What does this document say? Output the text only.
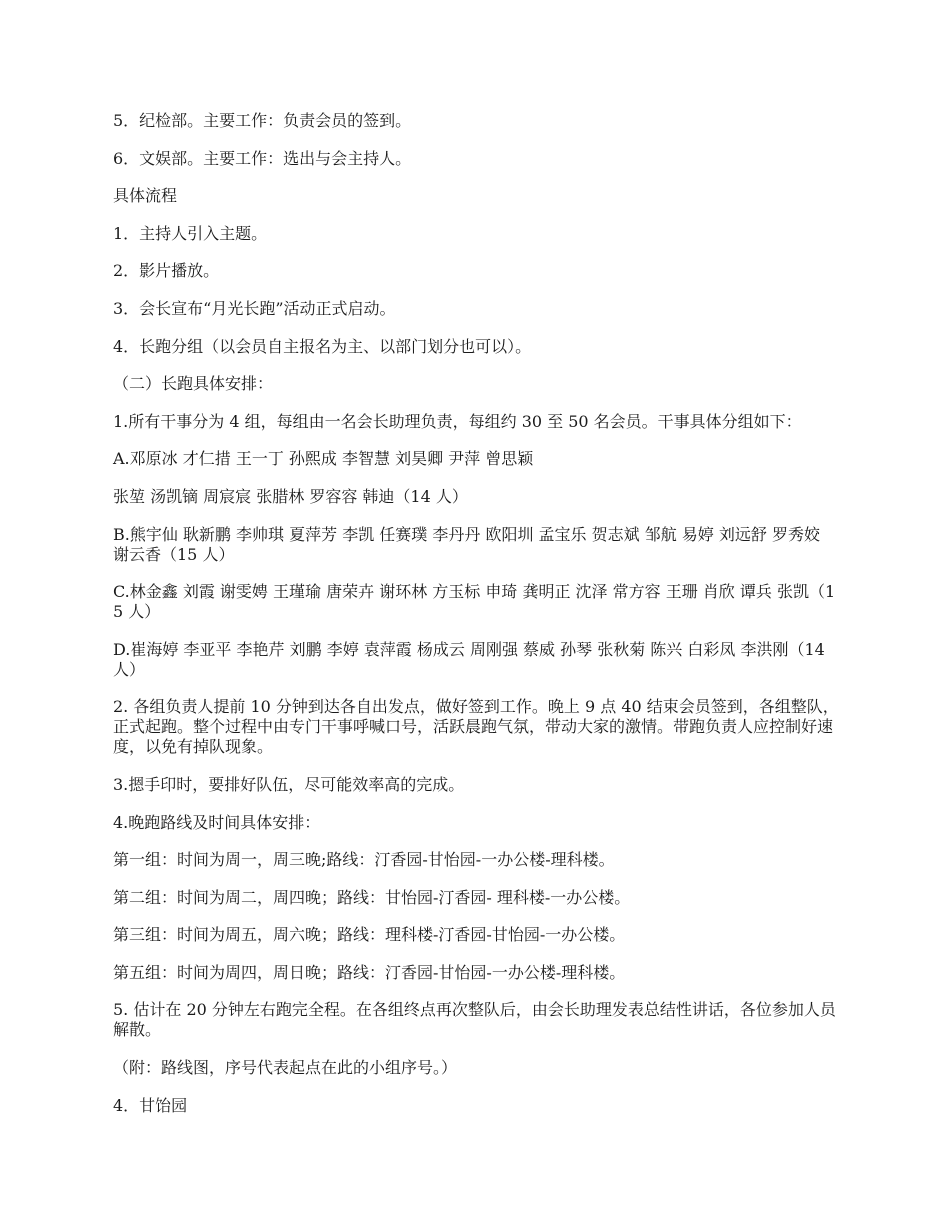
5．纪检部。主要工作：负责会员的签到。

6．文娱部。主要工作：选出与会主持人。

具体流程

1．主持人引入主题。

2．影片播放。

3．会长宣布“月光长跑”活动正式启动。

4．长跑分组（以会员自主报名为主、以部门划分也可以）。

（二）长跑具体安排：

1.所有干事分为 4 组，每组由一名会长助理负责，每组约 30 至 50 名会员。干事具体分组如下：

A.邓原冰 才仁措 王一丁 孙熙成 李智慧 刘昊卿 尹萍 曾思颖

张堃 汤凯镝 周宸宸 张腊林 罗容容 韩迪（14 人）

B.熊宇仙 耿新鹏 李帅琪 夏萍芳 李凯 任赛璞 李丹丹 欧阳圳 孟宝乐 贺志斌 邹航 易婷 刘远舒 罗秀姣 谢云香（15 人）

C.林金鑫 刘霞 谢雯娉 王瑾瑜 唐荣卉 谢环林 方玉标 申琦 龚明正 沈泽 常方容 王珊 肖欣 谭兵 张凯（15 人）

D.崔海婷 李亚平 李艳芹 刘鹏 李婷 袁萍霞 杨成云 周刚强 蔡威 孙琴 张秋菊 陈兴 白彩凤 李洪刚（14 人）

2. 各组负责人提前 10 分钟到达各自出发点，做好签到工作。晚上 9 点 40 结束会员签到，各组整队，正式起跑。整个过程中由专门干事呼喊口号，活跃晨跑气氛，带动大家的激情。带跑负责人应控制好速度，以免有掉队现象。

3.摁手印时，要排好队伍，尽可能效率高的完成。

4.晚跑路线及时间具体安排：

第一组：时间为周一，周三晚;路线：汀香园-甘怡园-一办公楼-理科楼。

第二组：时间为周二，周四晚；路线：甘怡园-汀香园- 理科楼-一办公楼。

第三组：时间为周五，周六晚；路线：理科楼-汀香园-甘怡园-一办公楼。

第五组：时间为周四，周日晚；路线：汀香园-甘怡园-一办公楼-理科楼。

5. 估计在 20 分钟左右跑完全程。在各组终点再次整队后，由会长助理发表总结性讲话，各位参加人员解散。

（附：路线图，序号代表起点在此的小组序号。）

4．甘饴园
